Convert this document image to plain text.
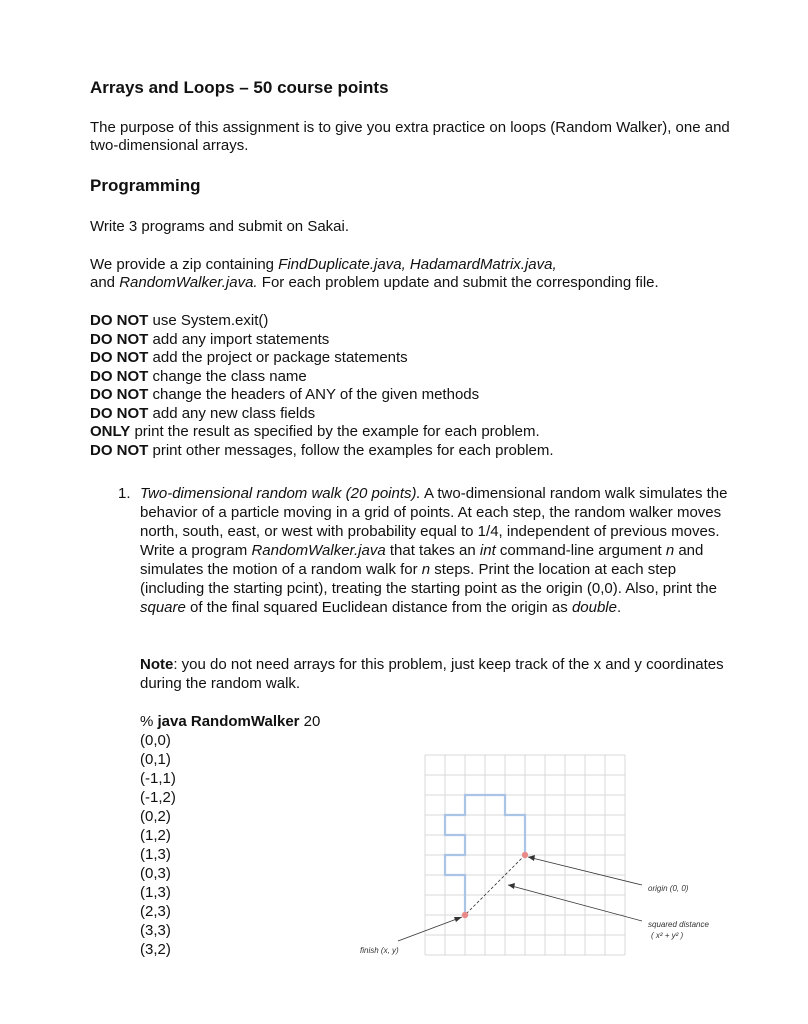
Arrays and Loops – 50 course points

The purpose of this assignment is to give you extra practice on loops (Random Walker), one and two-dimensional arrays.

Programming

Write 3 programs and submit on Sakai.

We provide a zip containing FindDuplicate.java, HadamardMatrix.java,
and RandomWalker.java. For each problem update and submit the corresponding file.

DO NOT use System.exit()
DO NOT add any import statements
DO NOT add the project or package statements
DO NOT change the class name
DO NOT change the headers of ANY of the given methods
DO NOT add any new class fields
ONLY print the result as specified by the example for each problem.
DO NOT print other messages, follow the examples for each problem.
1. Two-dimensional random walk (20 points). A two-dimensional random walk simulates the behavior of a particle moving in a grid of points. At each step, the random walker moves north, south, east, or west with probability equal to 1/4, independent of previous moves. Write a program RandomWalker.java that takes an int command-line argument n and simulates the motion of a random walk for n steps. Print the location at each step (including the starting pcint), treating the starting point as the origin (0,0). Also, print the square of the final squared Euclidean distance from the origin as double.

Note: you do not need arrays for this problem, just keep track of the x and y coordinates during the random walk.

% java RandomWalker 20

(0,0)
(0,1)
(-1,1)
(-1,2)
(0,2)
(1,2)
(1,3)
(0,3)
(1,3)
(2,3)
(3,3)
(3,2)
origin (0, 0)
squared distance
( x² + y² )
finish (x, y)
